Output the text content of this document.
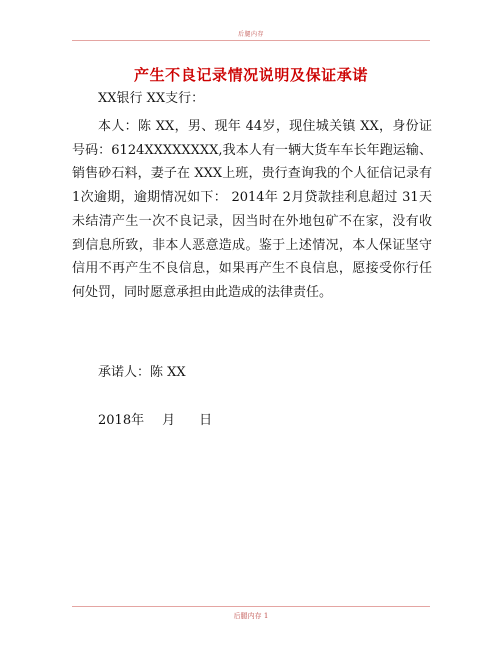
后腿内存
产生不良记录情况说明及保证承诺
XX银行 XX支行：
本人：陈 XX，男、现年 44岁，现住城关镇 XX，身份证号码：6124XXXXXXXX,我本人有一辆大货车车长年跑运输、销售砂石料，妻子在 XXX上班，贵行查询我的个人征信记录有 1次逾期，逾期情况如下： 2014年 2月贷款挂利息超过 31天未结清产生一次不良记录，因当时在外地包矿不在家，没有收到信息所致，非本人恶意造成。鉴于上述情况，本人保证坚守信用不再产生不良信息，如果再产生不良信息，愿接受你行任何处罚，同时愿意承担由此造成的法律责任。
承诺人：陈 XX
2018年 月 日
后腿内存 1
